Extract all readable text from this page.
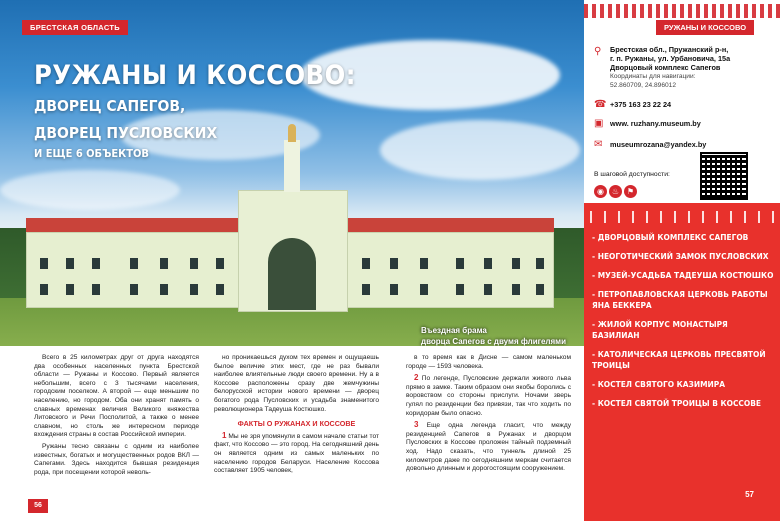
БРЕСТСКАЯ ОБЛАСТЬ
РУЖАНЫ И КОССОВО:
ДВОРЕЦ САПЕГОВ,
ДВОРЕЦ ПУСЛОВСКИХ
И ЕЩЕ 6 ОБЪЕКТОВ
Въездная брама
дворца Сапегов с двумя флигелями

Всего в 25 километрах друг от друга находятся два особенных населенных пункта Брестской области — Ружаны и Коссово. Первый является небольшим, всего с 3 тысячами населения, городским поселком. А второй — еще меньшим по населению, но городом. Оба они хранят память о славных временах величия Великого княжества Литовского и Речи Посполитой, а также о менее славном, но столь же интересном периоде вхождения страны в состав Российской империи.

Ружаны тесно связаны с одним из наиболее известных, богатых и могущественных родов ВКЛ — Сапегами. Здесь находится бывшая резиденция рода, при посещении которой неволь-

но проникаешься духом тех времен и ощущаешь былое величие этих мест, где не раз бывали наиболее влиятельные люди своего времени. Ну а в Коссове расположены сразу две жемчужины белорусской истории нового времени — дворец богатого рода Пусловских и усадьба знаменитого революционера Тадеуша Костюшко.

ФАКТЫ О РУЖАНАХ И КОССОВЕ

1 Мы не зря упомянули в самом начале статьи тот факт, что Коссово — это город. На сегодняшний день он является одним из самых маленьких по населению городов Беларуси. Население Коссова составляет 1905 человек,

в то время как в Дисне — самом маленьком городе — 1593 человека.

2 По легенде, Пусловские держали живого льва прямо в замке. Таким образом они якобы боролись с воровством со стороны прислуги. Ночами зверь гулял по резиденции без привязи, так что ходить по коридорам было опасно.

3 Еще одна легенда гласит, что между резиденцией Сапегов в Ружанах и дворцом Пусловских в Коссове проложен тайный подземный ход. Надо сказать, что туннель длиной 25 километров даже по сегодняшним меркам считается довольно длинным и дорогостоящим сооружением.

56
РУЖАНЫ И КОССОВО
⚲	Брестская обл., Пружанский р-н,
г. п. Ружаны, ул. Урбановича, 15а
Дворцовый комплекс Сапегов
Координаты для навигации:
52.860709, 24.896012
☎ +375 163 23 22 24
▣ www. ruzhany.museum.by
✉ museumrozana@yandex.by
В шаговой доступности:
◉ ♨ ⚑
- ДВОРЦОВЫЙ КОМПЛЕКС САПЕГОВ
- НЕОГОТИЧЕСКИЙ ЗАМОК ПУСЛОВСКИХ
- МУЗЕЙ-УСАДЬБА ТАДЕУША КОСТЮШКО
- ПЕТРОПАВЛОВСКАЯ ЦЕРКОВЬ РАБОТЫ ЯНА БЕККЕРА
- ЖИЛОЙ КОРПУС МОНАСТЫРЯ БАЗИЛИАН
- КАТОЛИЧЕСКАЯ ЦЕРКОВЬ ПРЕСВЯТОЙ ТРОИЦЫ
- КОСТЕЛ СВЯТОГО КАЗИМИРА
- КОСТЕЛ СВЯТОЙ ТРОИЦЫ В КОССОВЕ
57
